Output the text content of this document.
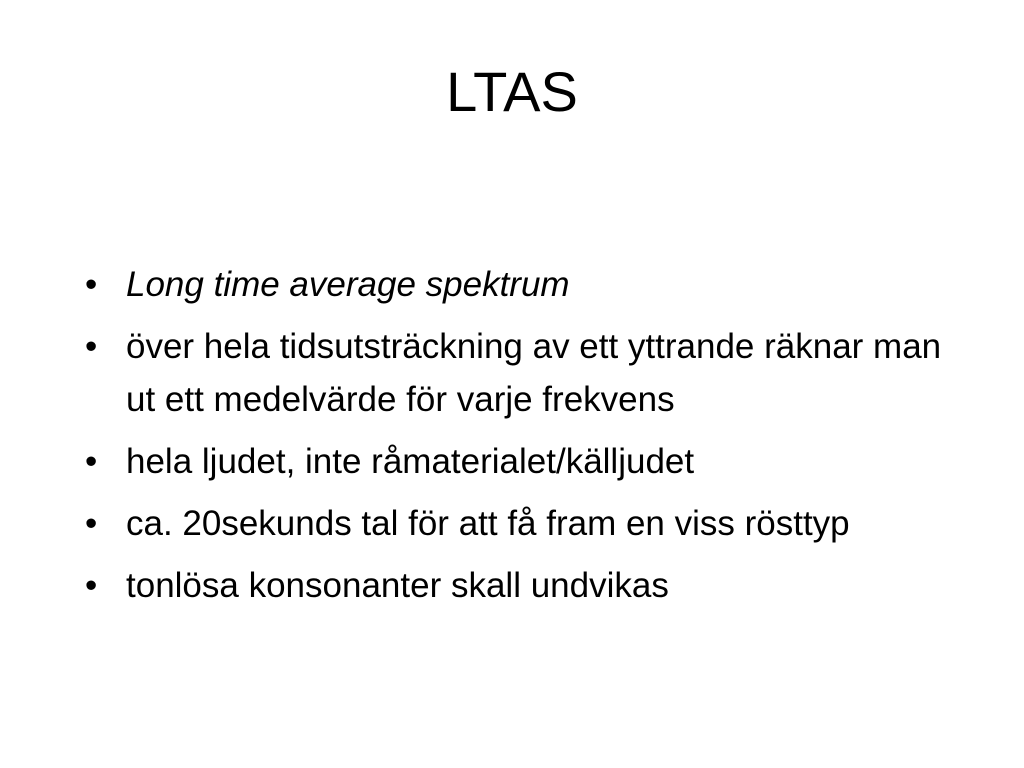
LTAS
• Long time average spektrum
• över hela tidsutsträckning av ett yttrande räknar man ut ett medelvärde för varje frekvens
• hela ljudet, inte råmaterialet/källjudet
• ca. 20sekunds tal för att få fram en viss rösttyp
• tonlösa konsonanter skall undvikas
